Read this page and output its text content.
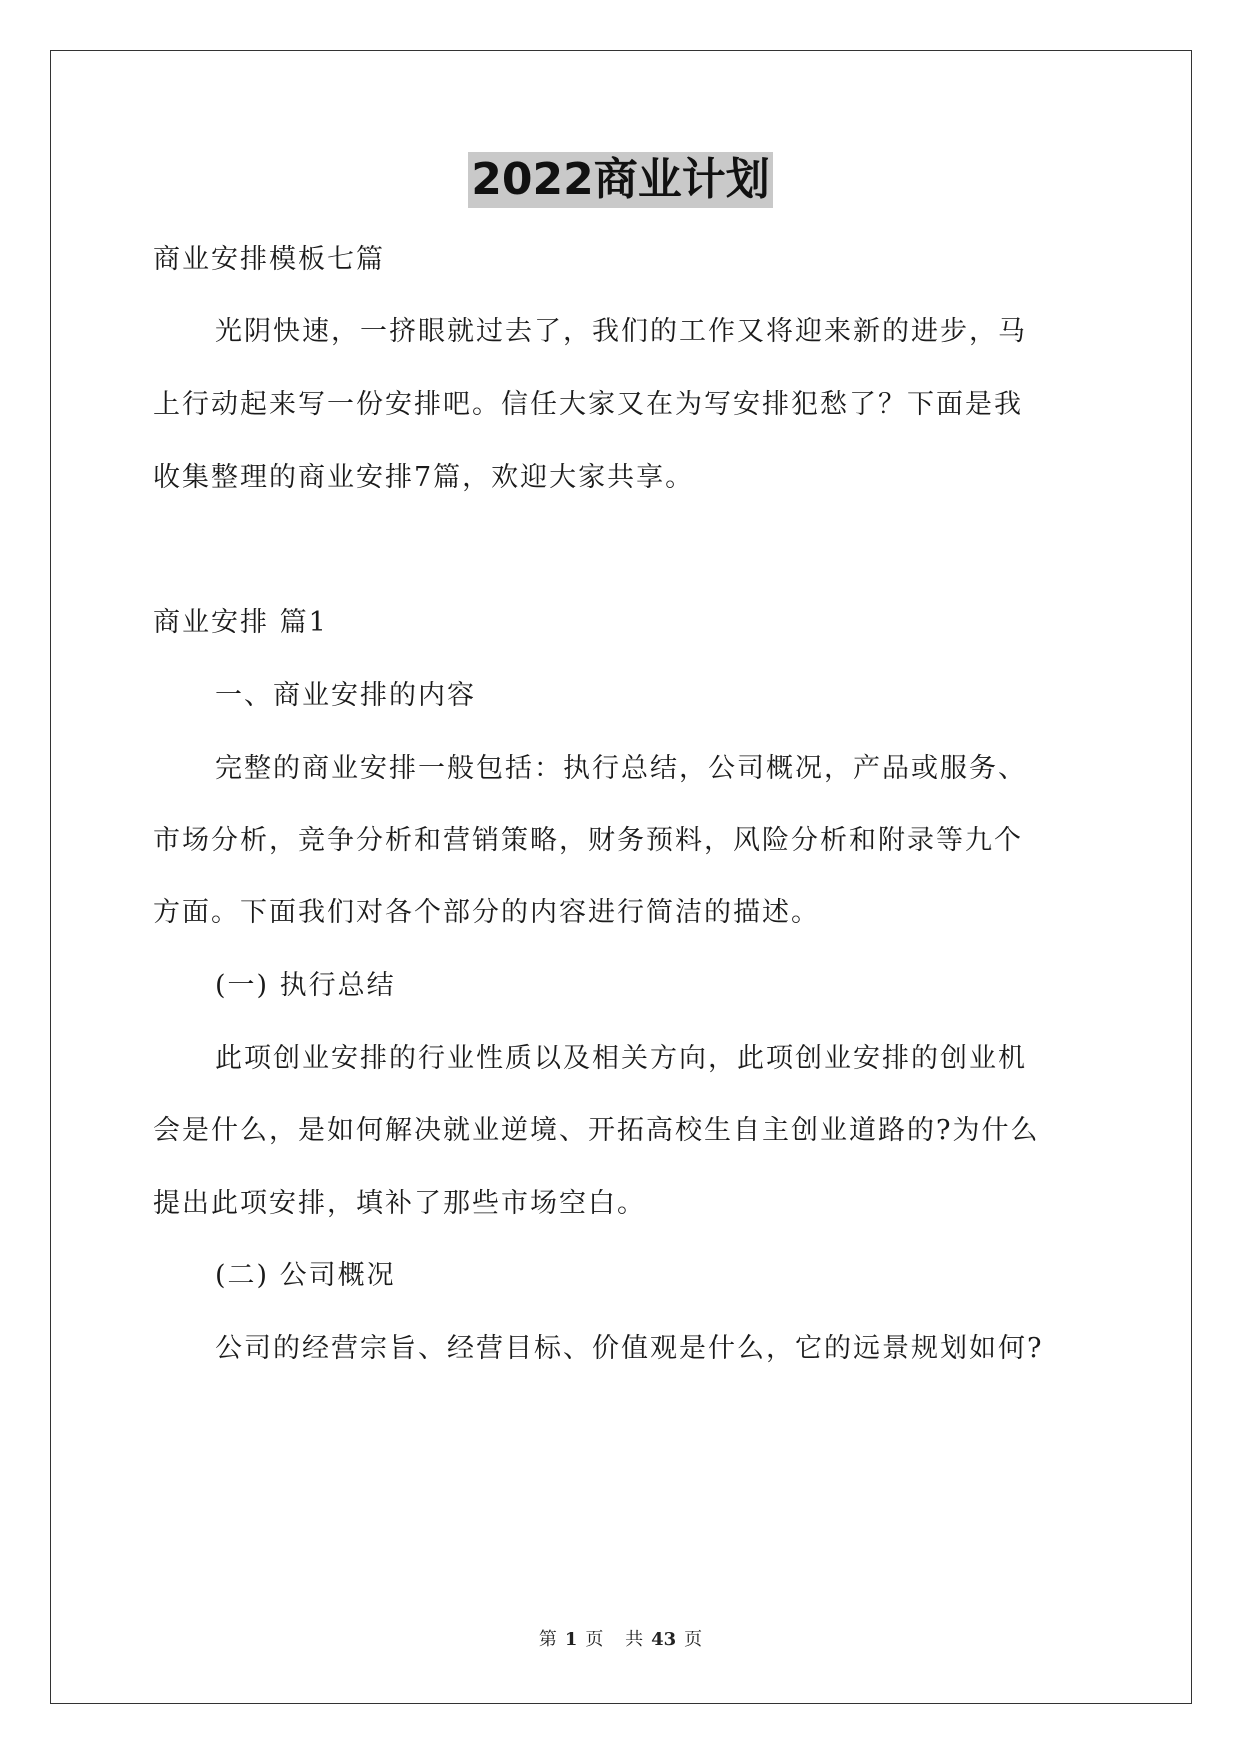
2022商业计划
商业安排模板七篇
光阴快速，一挤眼就过去了，我们的工作又将迎来新的进步，马
上行动起来写一份安排吧。信任大家又在为写安排犯愁了？下面是我
收集整理的商业安排7篇，欢迎大家共享。
商业安排 篇1
一、商业安排的内容
完整的商业安排一般包括：执行总结，公司概况，产品或服务、
市场分析，竞争分析和营销策略，财务预料，风险分析和附录等九个
方面。下面我们对各个部分的内容进行简洁的描述。
(一) 执行总结
此项创业安排的行业性质以及相关方向，此项创业安排的创业机
会是什么，是如何解决就业逆境、开拓高校生自主创业道路的?为什么
提出此项安排，填补了那些市场空白。
(二) 公司概况
公司的经营宗旨、经营目标、价值观是什么，它的远景规划如何?
第 1 页 共 43 页
